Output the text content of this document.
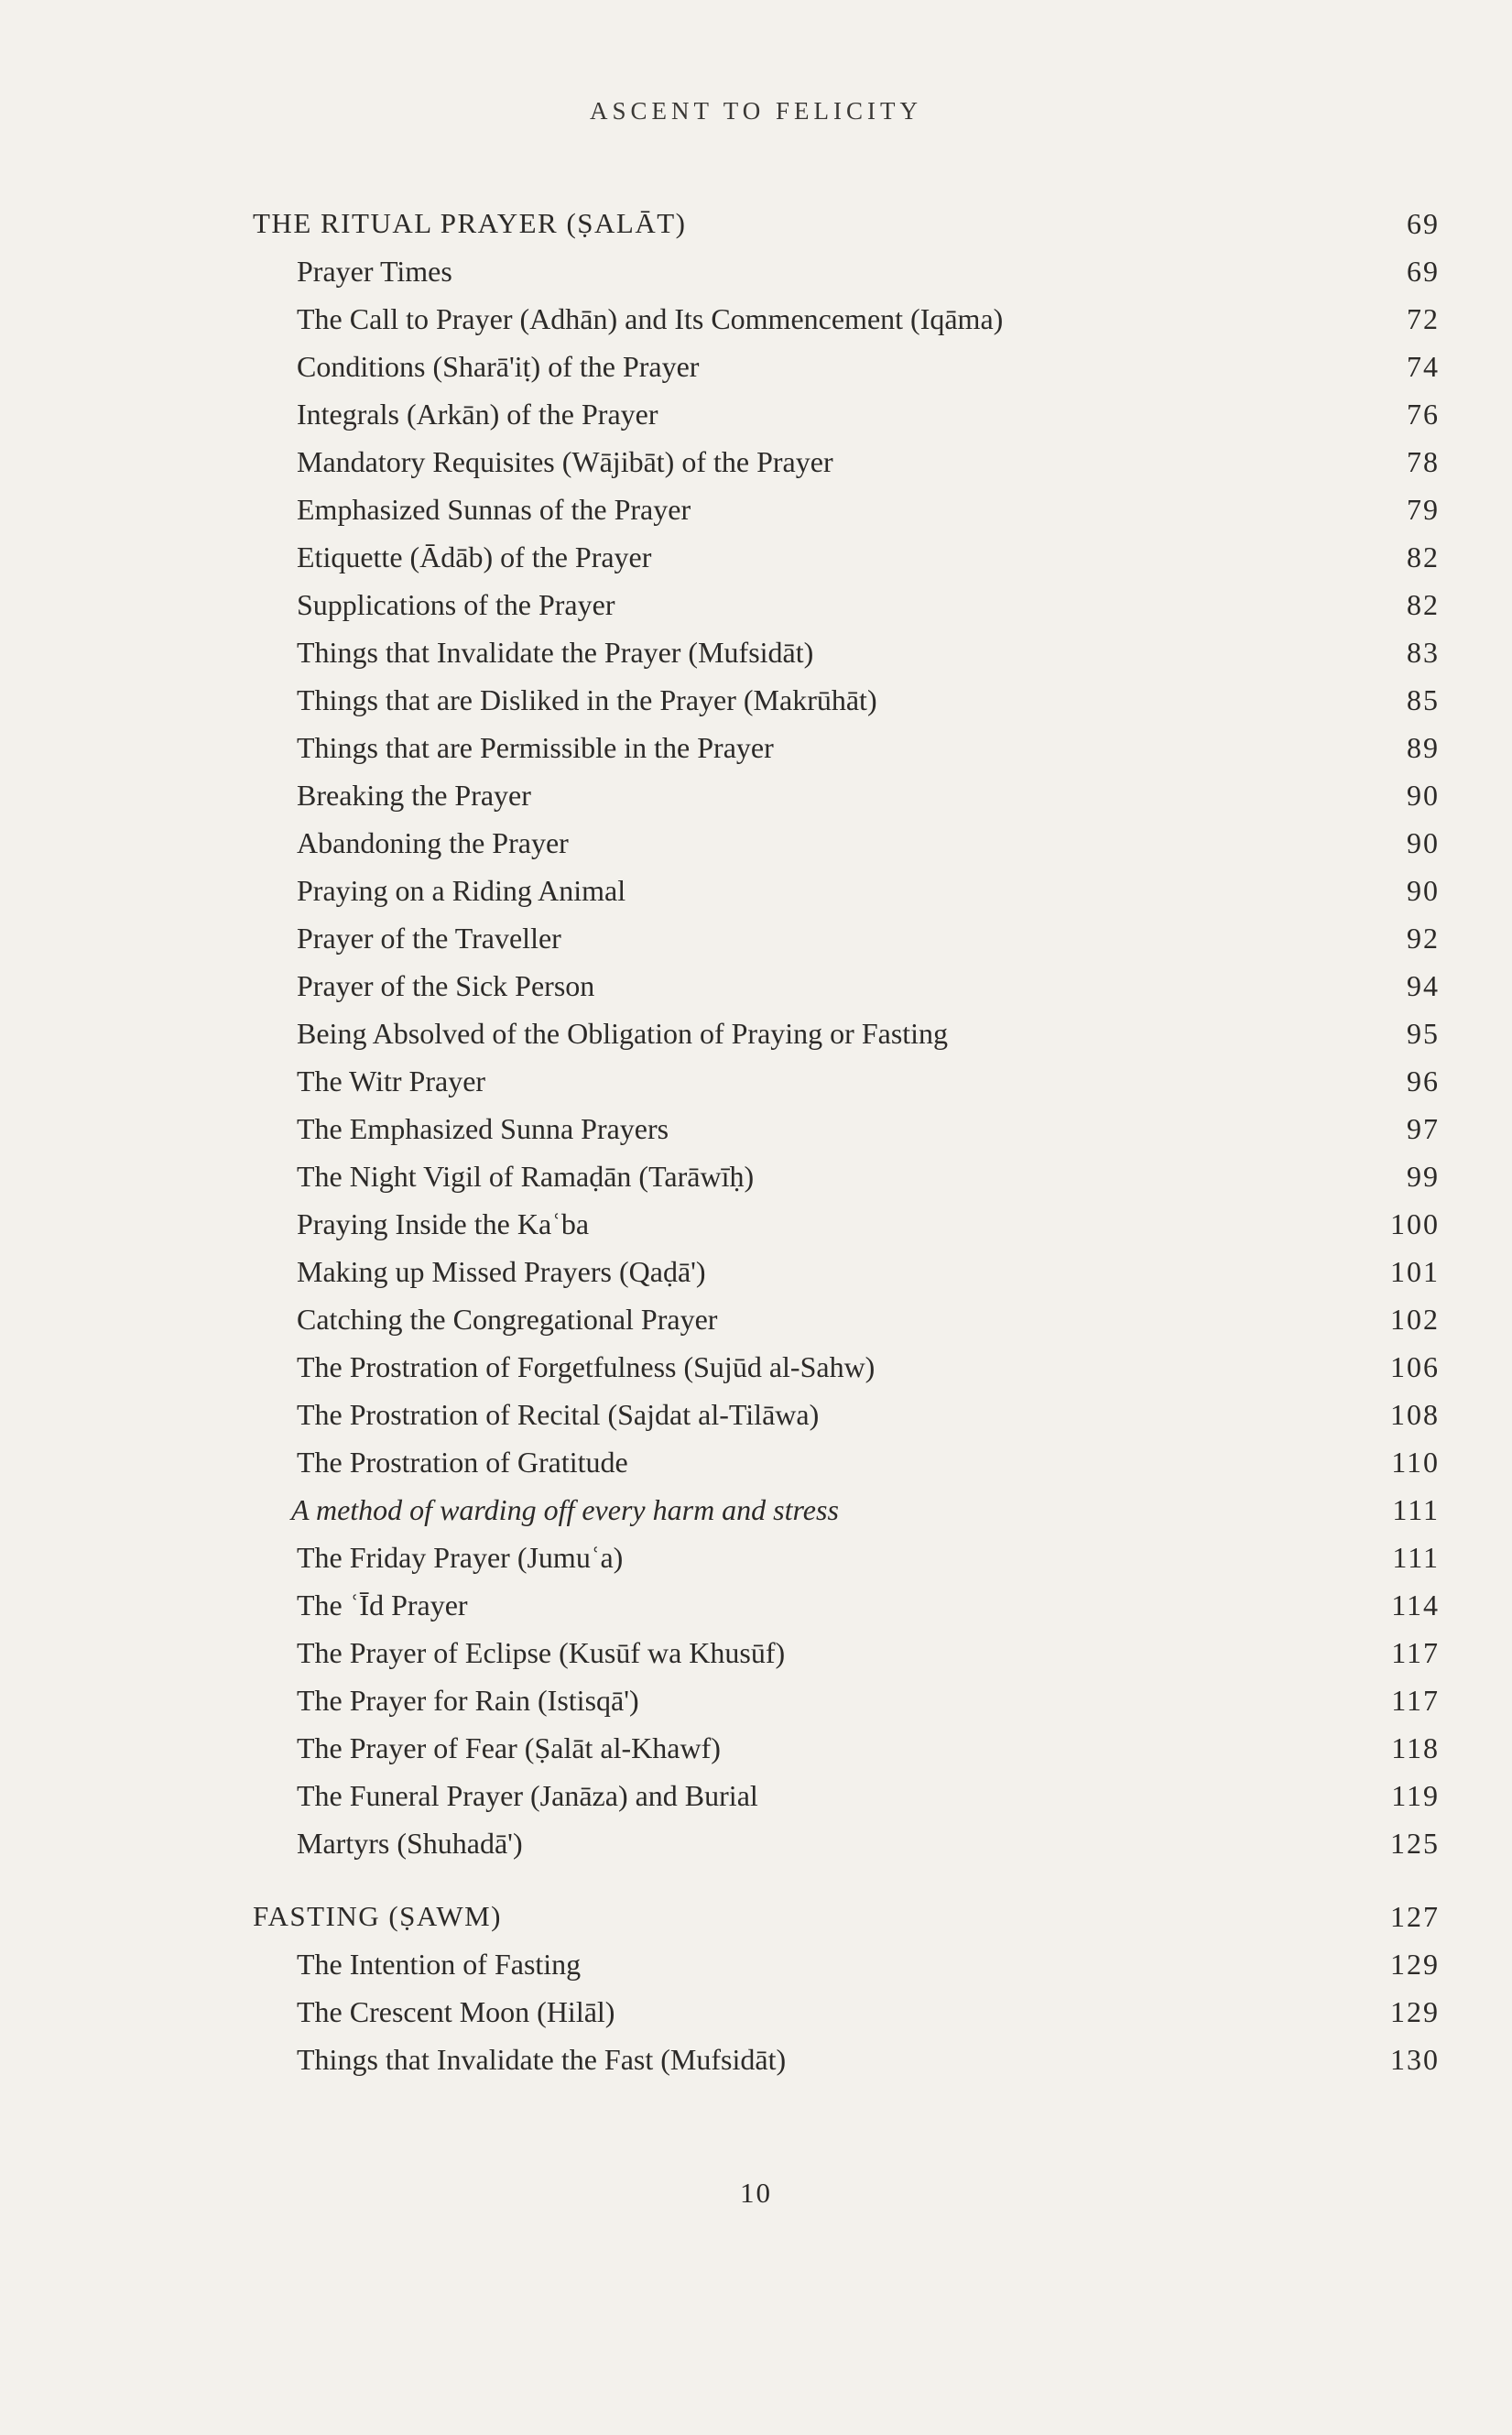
ASCENT TO FELICITY
THE RITUAL PRAYER (ṢALĀT)	69
Prayer Times	69
The Call to Prayer (Adhān) and Its Commencement (Iqāma)	72
Conditions (Sharā'iṭ) of the Prayer	74
Integrals (Arkān) of the Prayer	76
Mandatory Requisites (Wājibāt) of the Prayer	78
Emphasized Sunnas of the Prayer	79
Etiquette (Ādāb) of the Prayer	82
Supplications of the Prayer	82
Things that Invalidate the Prayer (Mufsidāt)	83
Things that are Disliked in the Prayer (Makrūhāt)	85
Things that are Permissible in the Prayer	89
Breaking the Prayer	90
Abandoning the Prayer	90
Praying on a Riding Animal	90
Prayer of the Traveller	92
Prayer of the Sick Person	94
Being Absolved of the Obligation of Praying or Fasting	95
The Witr Prayer	96
The Emphasized Sunna Prayers	97
The Night Vigil of Ramaḍān (Tarāwīḥ)	99
Praying Inside the Kaʿba	100
Making up Missed Prayers (Qaḍā')	101
Catching the Congregational Prayer	102
The Prostration of Forgetfulness (Sujūd al-Sahw)	106
The Prostration of Recital (Sajdat al-Tilāwa)	108
The Prostration of Gratitude	110
A method of warding off every harm and stress	111
The Friday Prayer (Jumuʿa)	111
The ʿĪd Prayer	114
The Prayer of Eclipse (Kusūf wa Khusūf)	117
The Prayer for Rain (Istisqā')	117
The Prayer of Fear (Ṣalāt al-Khawf)	118
The Funeral Prayer (Janāza) and Burial	119
Martyrs (Shuhadā')	125
FASTING (ṢAWM)	127
The Intention of Fasting	129
The Crescent Moon (Hilāl)	129
Things that Invalidate the Fast (Mufsidāt)	130
10
